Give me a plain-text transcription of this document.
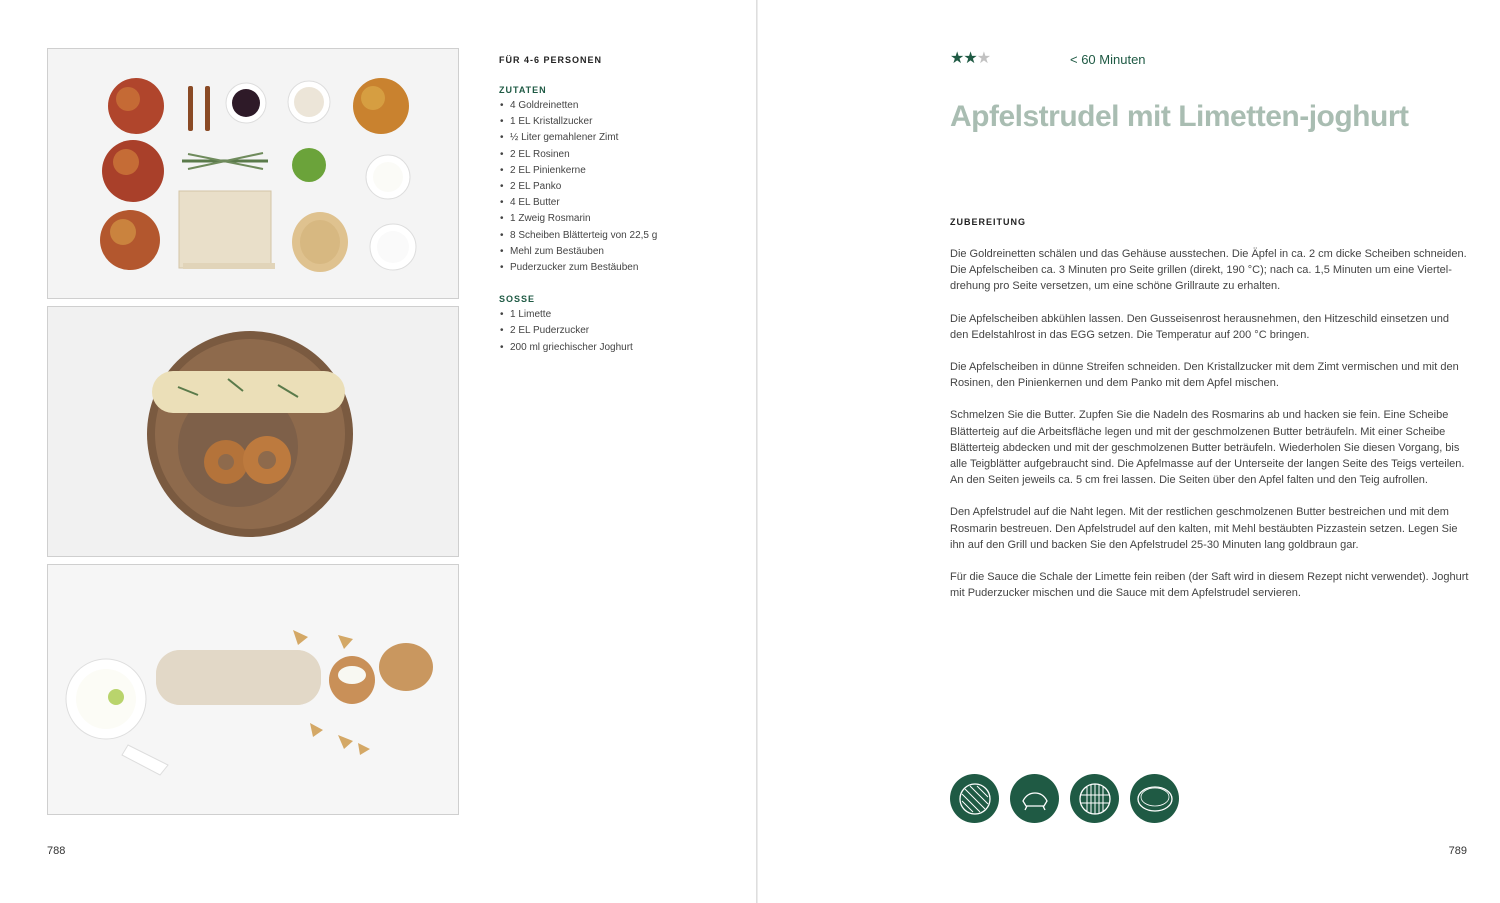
FÜR 4-6 PERSONEN

ZUTATEN

• 4 Goldreinetten
• 1 EL Kristallzucker
• ½ Liter gemahlener Zimt
• 2 EL Rosinen
• 2 EL Pinienkerne
• 2 EL Panko
• 4 EL Butter
• 1 Zweig Rosmarin
• 8 Scheiben Blätterteig von 22,5 g
• Mehl zum Bestäuben
• Puderzucker zum Bestäuben

SOSSE

• 1 Limette
• 2 EL Puderzucker
• 200 ml griechischer Joghurt
788
★★★	< 60 Minuten
Apfelstrudel mit Limetten-joghurt
ZUBEREITUNG

Die Goldreinetten schälen und das Gehäuse ausstechen. Die Äpfel in ca. 2 cm dicke Scheiben schneiden. Die Apfelscheiben ca. 3 Minuten pro Seite grillen (direkt, 190 °C); nach ca. 1,5 Minuten um eine Viertel-drehung pro Seite versetzen, um eine schöne Grillraute zu erhalten.

Die Apfelscheiben abkühlen lassen. Den Gusseisenrost herausnehmen, den Hitzeschild einsetzen und den Edelstahlrost in das EGG setzen. Die Temperatur auf 200 °C bringen.

Die Apfelscheiben in dünne Streifen schneiden. Den Kristallzucker mit dem Zimt vermischen und mit den Rosinen, den Pinienkernen und dem Panko mit dem Apfel mischen.

Schmelzen Sie die Butter. Zupfen Sie die Nadeln des Rosmarins ab und hacken sie fein. Eine Scheibe Blätterteig auf die Arbeitsfläche legen und mit der geschmolzenen Butter beträufeln. Mit einer Scheibe Blätterteig abdecken und mit der geschmolzenen Butter beträufeln. Wiederholen Sie diesen Vorgang, bis alle Teigblätter aufgebraucht sind. Die Apfelmasse auf der Unterseite der langen Seite des Teigs verteilen. An den Seiten jeweils ca. 5 cm frei lassen. Die Seiten über den Apfel falten und den Teig aufrollen.

Den Apfelstrudel auf die Naht legen. Mit der restlichen geschmolzenen Butter bestreichen und mit dem Rosmarin bestreuen. Den Apfelstrudel auf den kalten, mit Mehl bestäubten Pizzastein setzen. Legen Sie ihn auf den Grill und backen Sie den Apfelstrudel 25-30 Minuten lang goldbraun gar.

Für die Sauce die Schale der Limette fein reiben (der Saft wird in diesem Rezept nicht verwendet). Joghurt mit Puderzucker mischen und die Sauce mit dem Apfelstrudel servieren.

789
